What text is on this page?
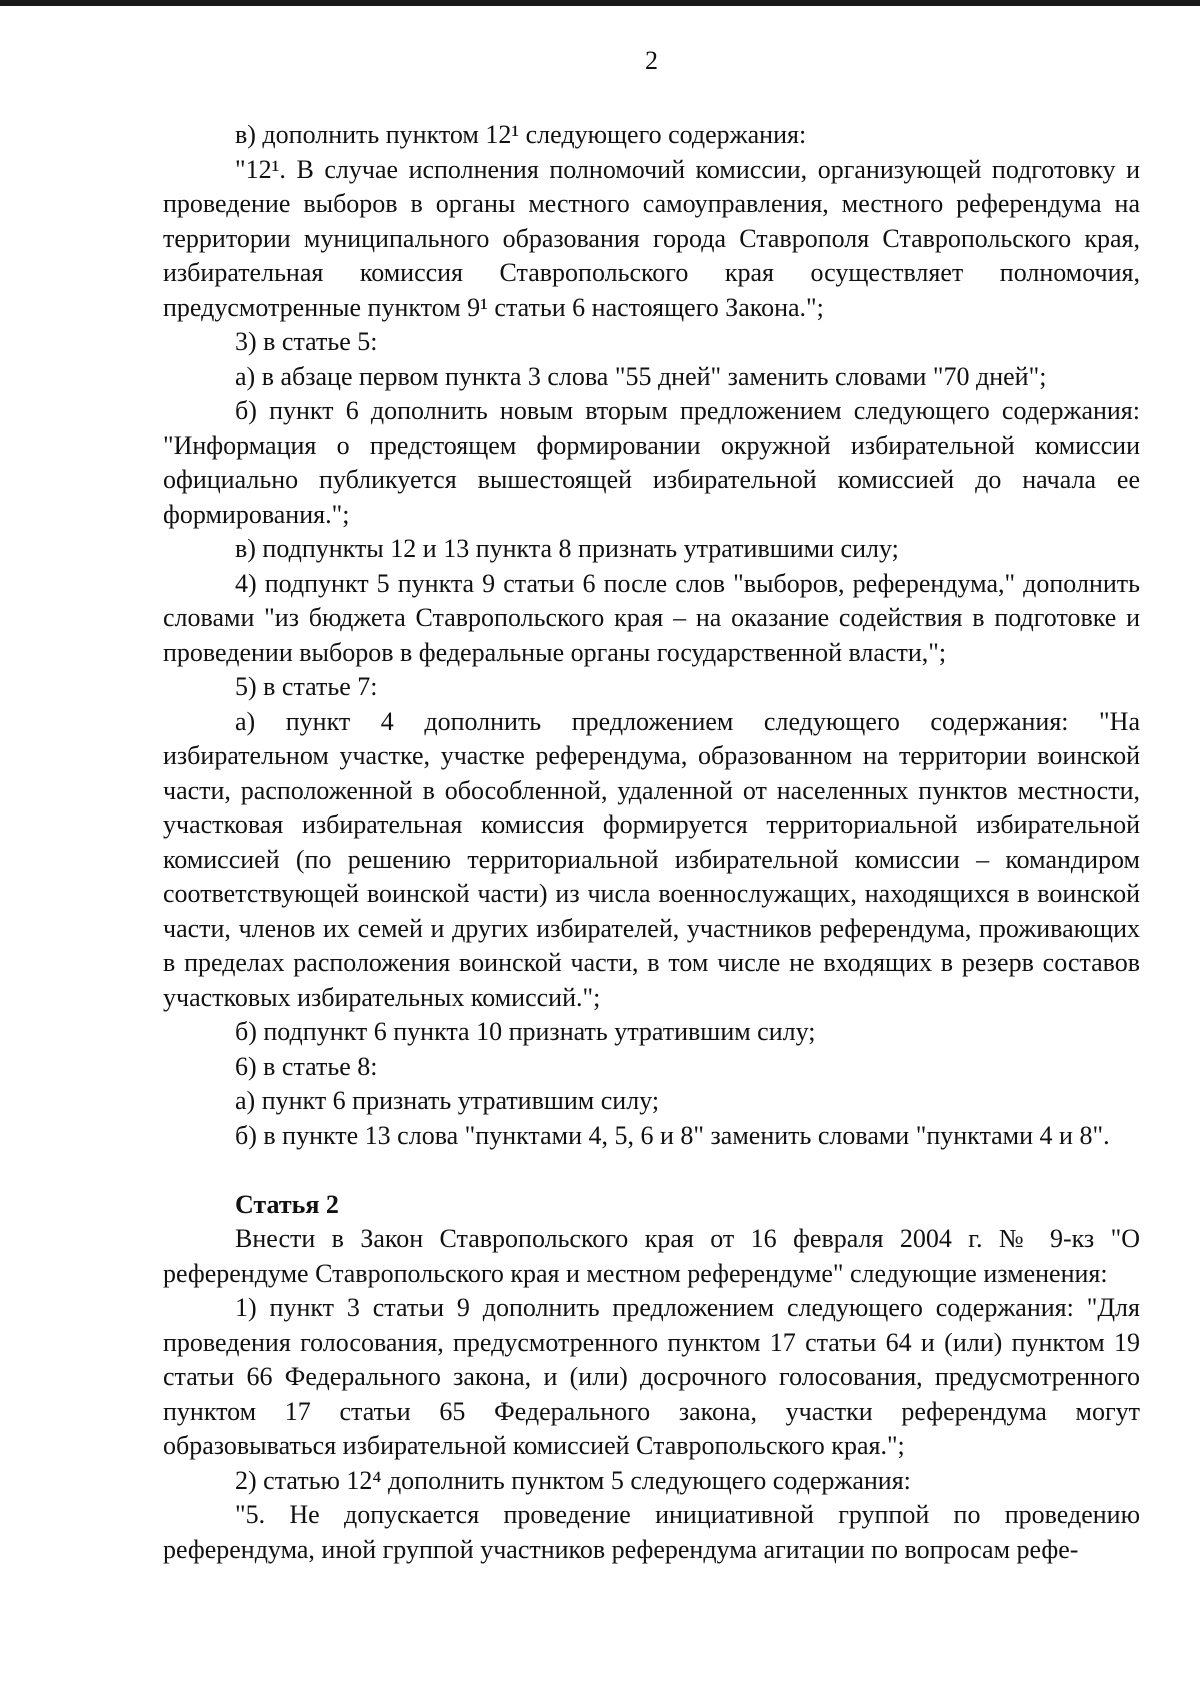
2

в) дополнить пунктом 12¹ следующего содержания:

"12¹. В случае исполнения полномочий комиссии, организующей подготовку и проведение выборов в органы местного самоуправления, местного референдума на территории муниципального образования города Ставрополя Ставропольского края, избирательная комиссия Ставропольского края осуществляет полномочия, предусмотренные пунктом 9¹ статьи 6 настоящего Закона.";

3) в статье 5:

а) в абзаце первом пункта 3 слова "55 дней" заменить словами "70 дней";

б) пункт 6 дополнить новым вторым предложением следующего содержания: "Информация о предстоящем формировании окружной избирательной комиссии официально публикуется вышестоящей избирательной комиссией до начала ее формирования.";

в) подпункты 12 и 13 пункта 8 признать утратившими силу;

4) подпункт 5 пункта 9 статьи 6 после слов "выборов, референдума," дополнить словами "из бюджета Ставропольского края – на оказание содействия в подготовке и проведении выборов в федеральные органы государственной власти,";

5) в статье 7:

а) пункт 4 дополнить предложением следующего содержания: "На избирательном участке, участке референдума, образованном на территории воинской части, расположенной в обособленной, удаленной от населенных пунктов местности, участковая избирательная комиссия формируется территориальной избирательной комиссией (по решению территориальной избирательной комиссии – командиром соответствующей воинской части) из числа военнослужащих, находящихся в воинской части, членов их семей и других избирателей, участников референдума, проживающих в пределах расположения воинской части, в том числе не входящих в резерв составов участковых избирательных комиссий.";

б) подпункт 6 пункта 10 признать утратившим силу;

6) в статье 8:

а) пункт 6 признать утратившим силу;

б) в пункте 13 слова "пунктами 4, 5, 6 и 8" заменить словами "пунктами 4 и 8".

Статья 2

Внести в Закон Ставропольского края от 16 февраля 2004 г. № 9-кз "О референдуме Ставропольского края и местном референдуме" следующие изменения:

1) пункт 3 статьи 9 дополнить предложением следующего содержания: "Для проведения голосования, предусмотренного пунктом 17 статьи 64 и (или) пунктом 19 статьи 66 Федерального закона, и (или) досрочного голосования, предусмотренного пунктом 17 статьи 65 Федерального закона, участки референдума могут образовываться избирательной комиссией Ставропольского края.";

2) статью 12⁴ дополнить пунктом 5 следующего содержания:

"5. Не допускается проведение инициативной группой по проведению референдума, иной группой участников референдума агитации по вопросам рефе-
